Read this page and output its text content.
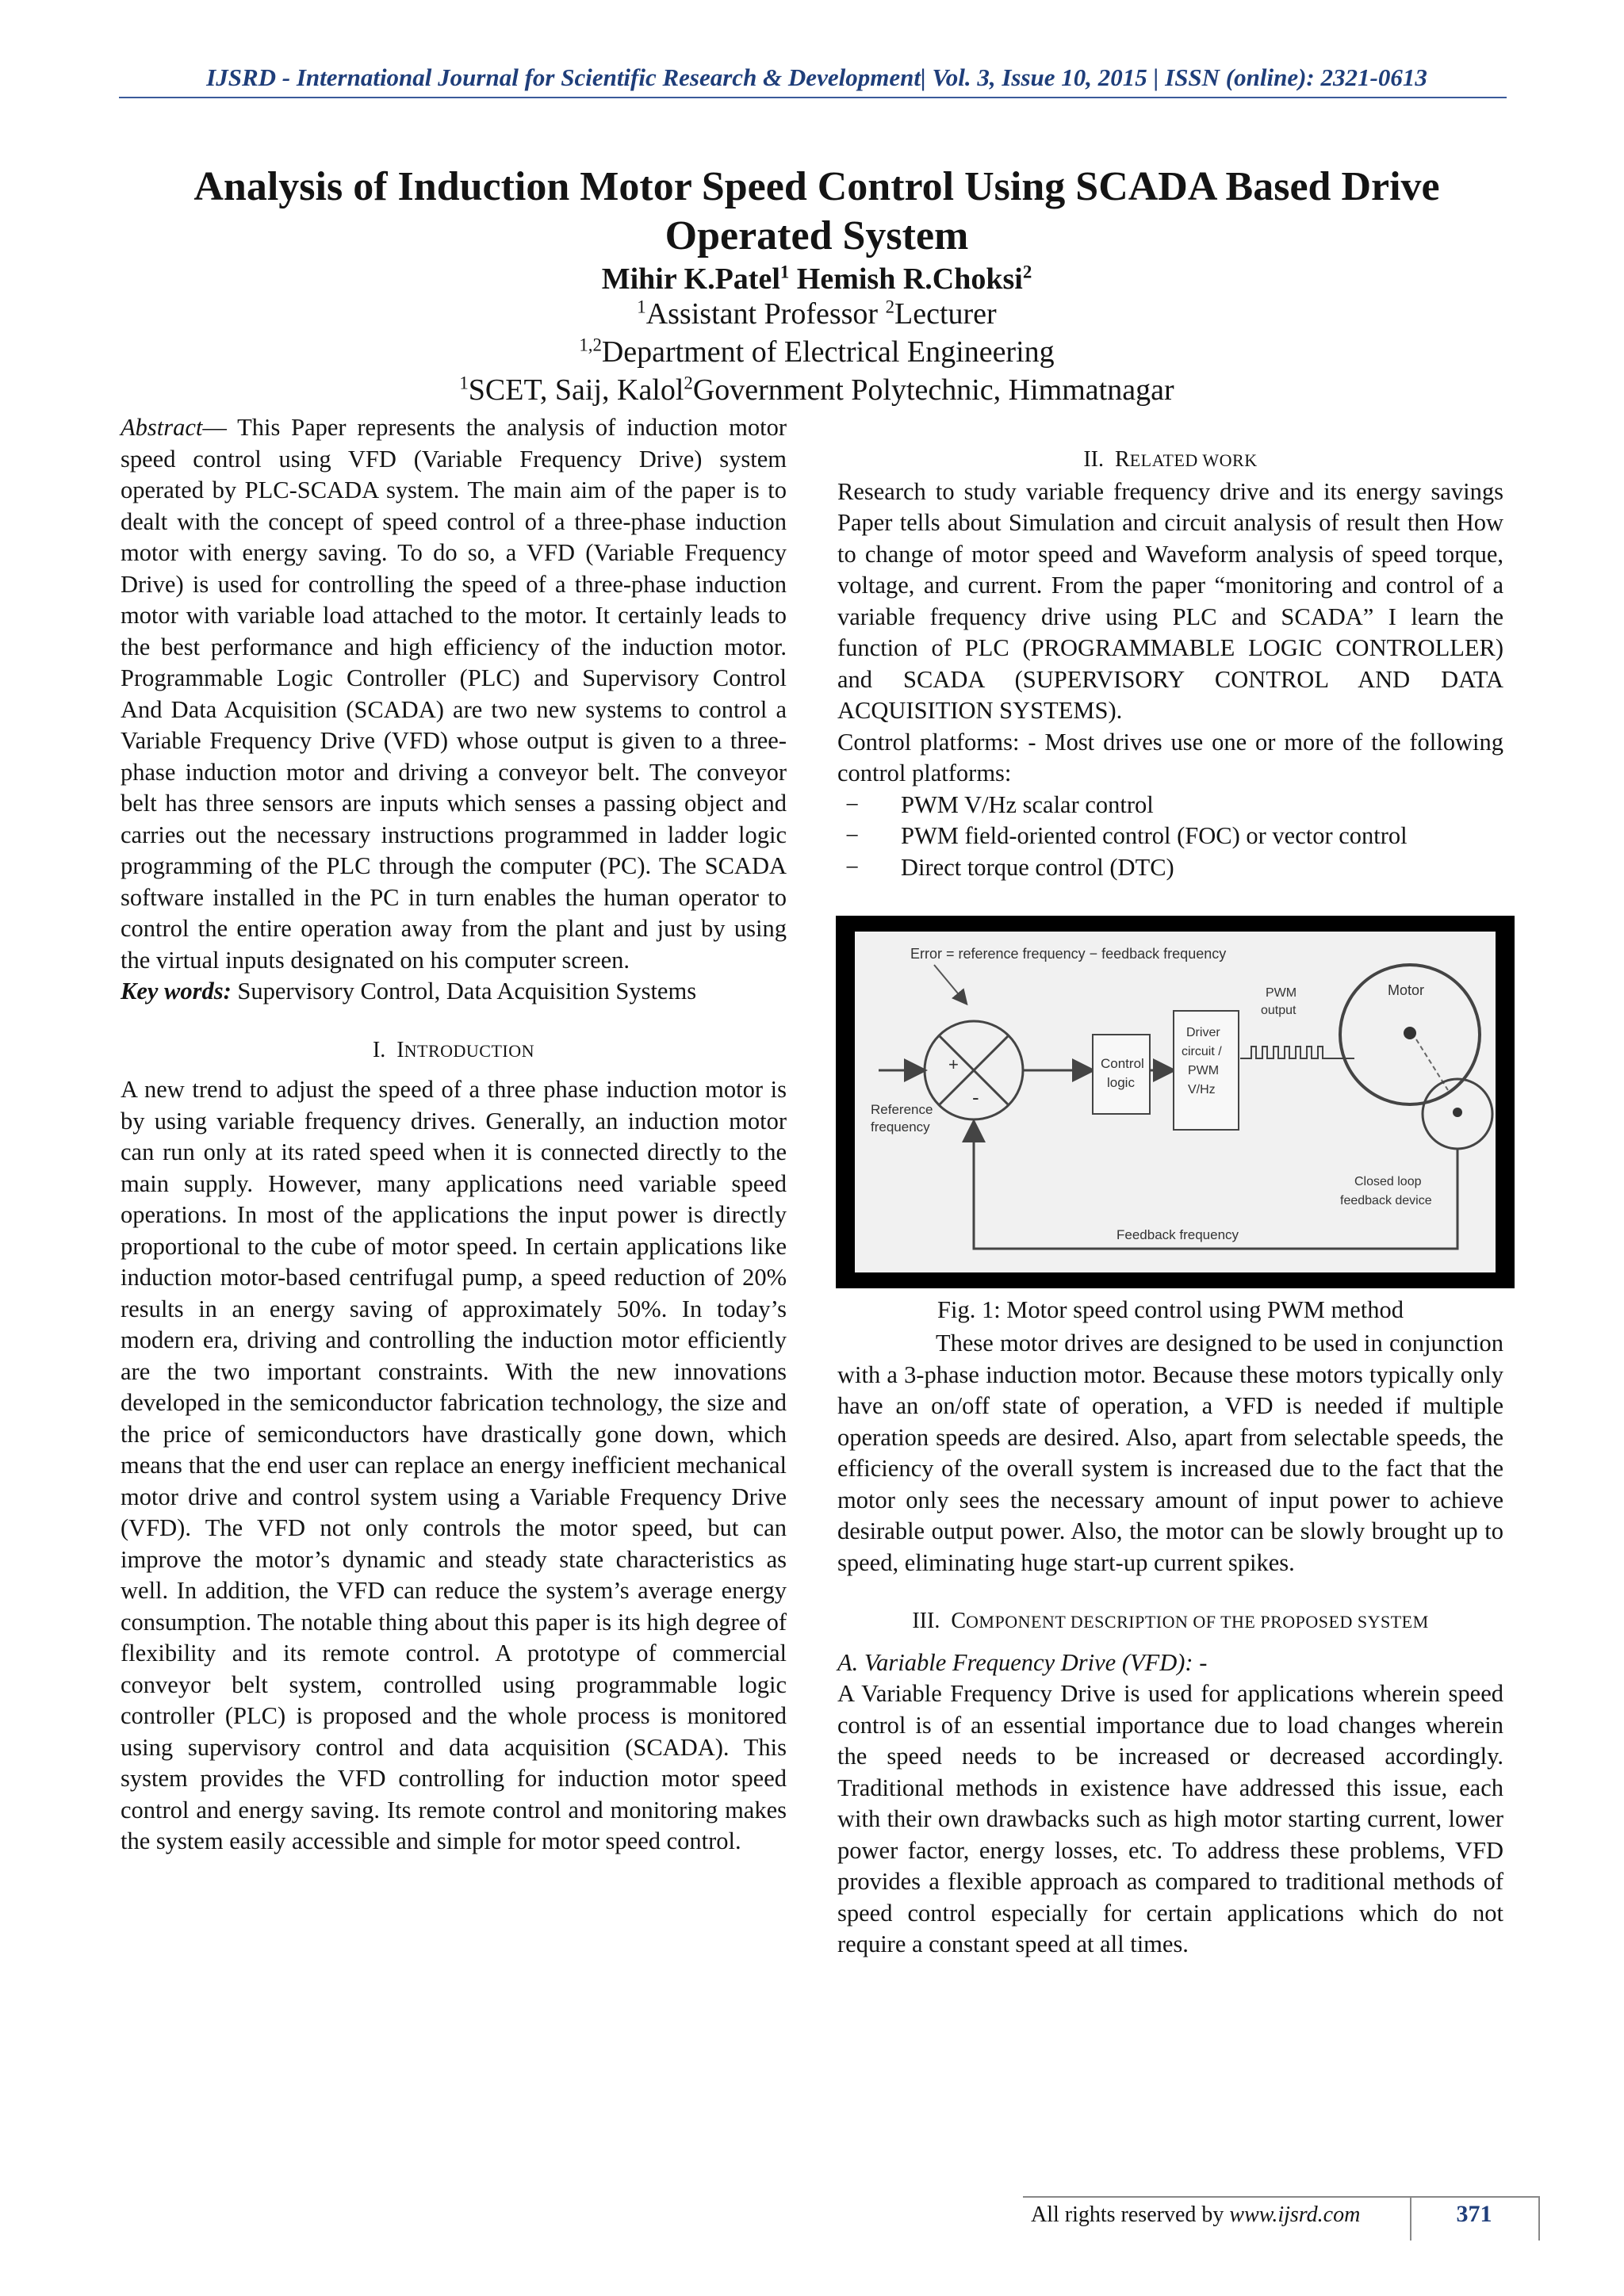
IJSRD - International Journal for Scientific Research & Development| Vol. 3, Issue 10, 2015 | ISSN (online): 2321-0613
Analysis of Induction Motor Speed Control Using SCADA Based Drive
Operated System
Mihir K.Patel$^1$ Hemish R.Choksi$^2$
$^1$Assistant Professor $^2$Lecturer
$^{1,2}$Department of Electrical Engineering
$^1$SCET, Saij, Kalol$^2$Government Polytechnic, Himmatnagar

Abstract— This Paper represents the analysis of induction motor speed control using VFD (Variable Frequency Drive) system operated by PLC-SCADA system. The main aim of the paper is to dealt with the concept of speed control of a three-phase induction motor with energy saving. To do so, a VFD (Variable Frequency Drive) is used for controlling the speed of a three-phase induction motor with variable load attached to the motor. It certainly leads to the best performance and high efficiency of the induction motor. Programmable Logic Controller (PLC) and Supervisory Control And Data Acquisition (SCADA) are two new systems to control a Variable Frequency Drive (VFD) whose output is given to a three-phase induction motor and driving a conveyor belt. The conveyor belt has three sensors are inputs which senses a passing object and carries out the necessary instructions programmed in ladder logic programming of the PLC through the computer (PC). The SCADA software installed in the PC in turn enables the human operator to control the entire operation away from the plant and just by using the virtual inputs designated on his computer screen.

Key words: Supervisory Control, Data Acquisition Systems

I. INTRODUCTION

A new trend to adjust the speed of a three phase induction motor is by using variable frequency drives. Generally, an induction motor can run only at its rated speed when it is connected directly to the main supply. However, many applications need variable speed operations. In most of the applications the input power is directly proportional to the cube of motor speed. In certain applications like induction motor-based centrifugal pump, a speed reduction of 20% results in an energy saving of approximately 50%. In today’s modern era, driving and controlling the induction motor efficiently are the two important constraints. With the new innovations developed in the semiconductor fabrication technology, the size and the price of semiconductors have drastically gone down, which means that the end user can replace an energy inefficient mechanical motor drive and control system using a Variable Frequency Drive (VFD). The VFD not only controls the motor speed, but can improve the motor’s dynamic and steady state characteristics as well. In addition, the VFD can reduce the system’s average energy consumption. The notable thing about this paper is its high degree of flexibility and its remote control. A prototype of commercial conveyor belt system, controlled using programmable logic controller (PLC) is proposed and the whole process is monitored using supervisory control and data acquisition (SCADA). This system provides the VFD controlling for induction motor speed control and energy saving. Its remote control and monitoring makes the system easily accessible and simple for motor speed control.

II. RELATED WORK

Research to study variable frequency drive and its energy savings Paper tells about Simulation and circuit analysis of result then How to change of motor speed and Waveform analysis of speed torque, voltage, and current. From the paper “monitoring and control of a variable frequency drive using PLC and SCADA” I learn the function of PLC (PROGRAMMABLE LOGIC CONTROLLER) and SCADA (SUPERVISORY CONTROL AND DATA ACQUISITION SYSTEMS).

Control platforms: - Most drives use one or more of the following control platforms:

−	PWM V/Hz scalar control
−	PWM field-oriented control (FOC) or vector control
−	Direct torque control (DTC)
Error = reference frequency − feedback frequency
+
-
Reference
frequency
Control
logic
Driver
circuit /
PWM
V/Hz
PWM
output
Motor
Closed loop
feedback device
Feedback frequency
Fig. 1: Motor speed control using PWM method

These motor drives are designed to be used in conjunction with a 3-phase induction motor. Because these motors typically only have an on/off state of operation, a VFD is needed if multiple operation speeds are desired. Also, apart from selectable speeds, the efficiency of the overall system is increased due to the fact that the motor only sees the necessary amount of input power to achieve desirable output power. Also, the motor can be slowly brought up to speed, eliminating huge start-up current spikes.

III. COMPONENT DESCRIPTION OF THE PROPOSED SYSTEM

A. Variable Frequency Drive (VFD): -

A Variable Frequency Drive is used for applications wherein speed control is of an essential importance due to load changes wherein the speed needs to be increased or decreased accordingly. Traditional methods in existence have addressed this issue, each with their own drawbacks such as high motor starting current, lower power factor, energy losses, etc. To address these problems, VFD provides a flexible approach as compared to traditional methods of speed control especially for certain applications which do not require a constant speed at all times.

All rights reserved by www.ijsrd.com	371
